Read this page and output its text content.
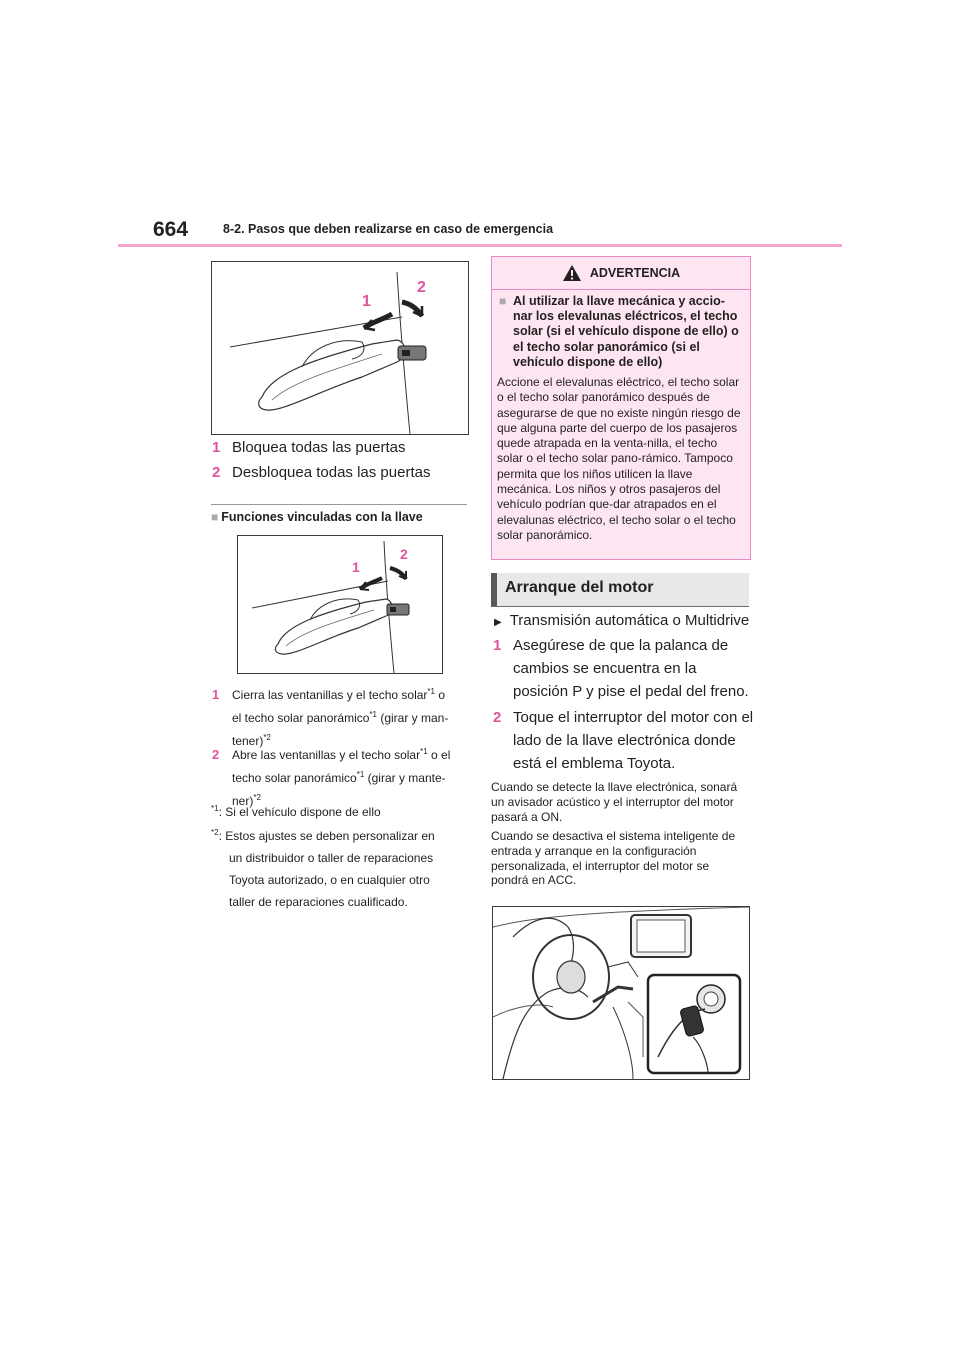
664	8-2. Pasos que deben realizarse en caso de emergencia
1
2
1 Bloquea todas las puertas
2 Desbloquea todas las puertas
■ Funciones vinculadas con la llave
1
2
1 Cierra las ventanillas y el techo solar$^{*1}$ o
el techo solar panorámico$^{*1}$ (girar y man-
tener)$^{*2}$
2 Abre las ventanillas y el techo solar$^{*1}$ o el
techo solar panorámico$^{*1}$ (girar y mante-
ner)$^{*2}$
$^{*1}$: Si el vehículo dispone de ello
$^{*2}$: Estos ajustes se deben personalizar en
un distribuidor o taller de reparaciones
Toyota autorizado, o en cualquier otro
taller de reparaciones cualificado.
ADVERTENCIA
■ Al utilizar la llave mecánica y accio-nar los elevalunas eléctricos, el techo solar (si el vehículo dispone de ello) o el techo solar panorámico (si el vehículo dispone de ello)
Accione el elevalunas eléctrico, el techo solar o el techo solar panorámico después de asegurarse de que no existe ningún riesgo de que alguna parte del cuerpo de los pasajeros quede atrapada en la venta-nilla, el techo solar o el techo solar pano-rámico. Tampoco permita que los niños utilicen la llave mecánica. Los niños y otros pasajeros del vehículo podrían que-dar atrapados en el elevalunas eléctrico, el techo solar o el techo solar panorámico.
Arranque del motor
▶ Transmisión automática o Multidrive
1 Asegúrese de que la palanca de
cambios se encuentra en la
posición P y pise el pedal del freno.
2 Toque el interruptor del motor con el
lado de la llave electrónica donde
está el emblema Toyota.
Cuando se detecte la llave electrónica, sonará un avisador acústico y el interruptor del motor pasará a ON.
Cuando se desactiva el sistema inteligente de entrada y arranque en la configuración personalizada, el interruptor del motor se pondrá en ACC.
